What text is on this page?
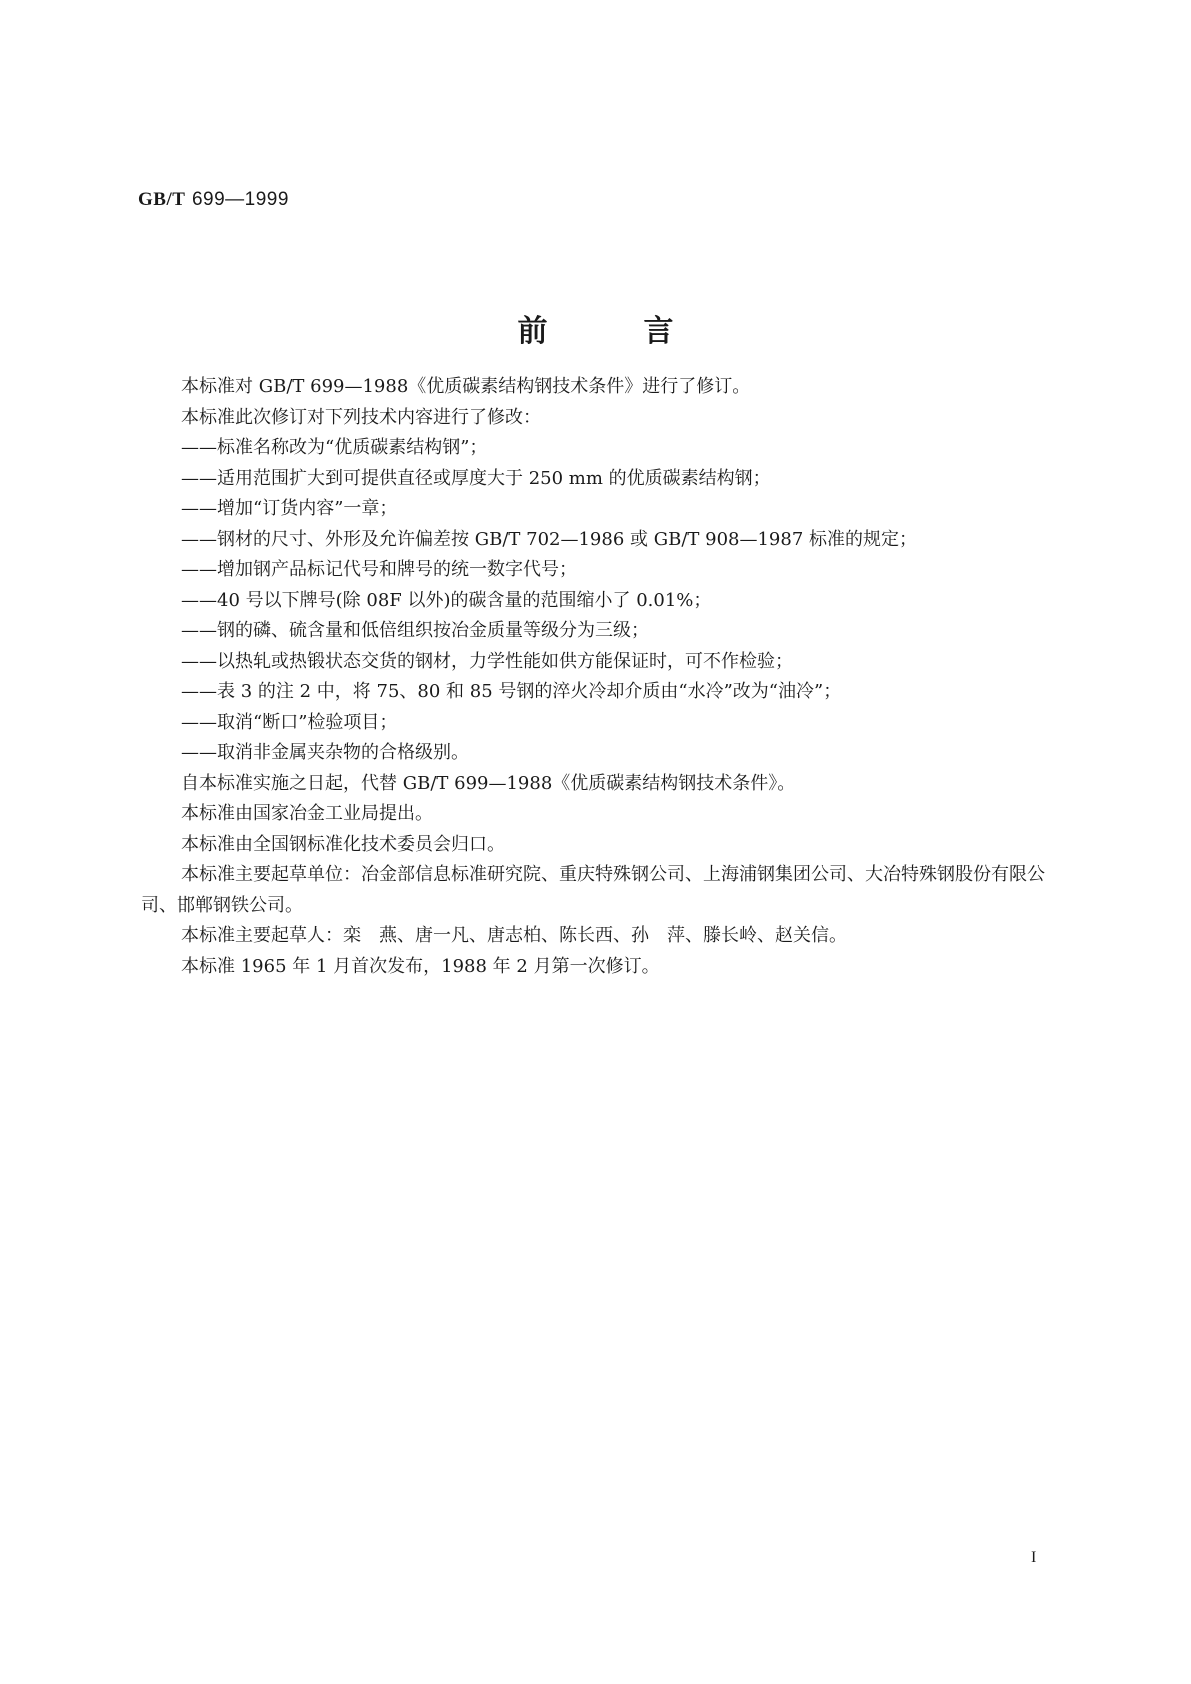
GB/T 699—1999
前言

本标准对 GB/T 699—1988《优质碳素结构钢技术条件》进行了修订。

本标准此次修订对下列技术内容进行了修改：

——标准名称改为“优质碳素结构钢”；

——适用范围扩大到可提供直径或厚度大于 250 mm 的优质碳素结构钢；

——增加“订货内容”一章；

——钢材的尺寸、外形及允许偏差按 GB/T 702—1986 或 GB/T 908—1987 标准的规定；

——增加钢产品标记代号和牌号的统一数字代号；

——40 号以下牌号(除 08F 以外)的碳含量的范围缩小了 0.01%；

——钢的磷、硫含量和低倍组织按冶金质量等级分为三级；

——以热轧或热锻状态交货的钢材，力学性能如供方能保证时，可不作检验；

——表 3 的注 2 中，将 75、80 和 85 号钢的淬火冷却介质由“水冷”改为“油冷”；

——取消“断口”检验项目；

——取消非金属夹杂物的合格级别。

自本标准实施之日起，代替 GB/T 699—1988《优质碳素结构钢技术条件》。

本标准由国家冶金工业局提出。

本标准由全国钢标准化技术委员会归口。

本标准主要起草单位：冶金部信息标准研究院、重庆特殊钢公司、上海浦钢集团公司、大冶特殊钢股份有限公司、邯郸钢铁公司。

本标准主要起草人：栾　燕、唐一凡、唐志柏、陈长西、孙　萍、滕长岭、赵关信。

本标准 1965 年 1 月首次发布，1988 年 2 月第一次修订。

I
